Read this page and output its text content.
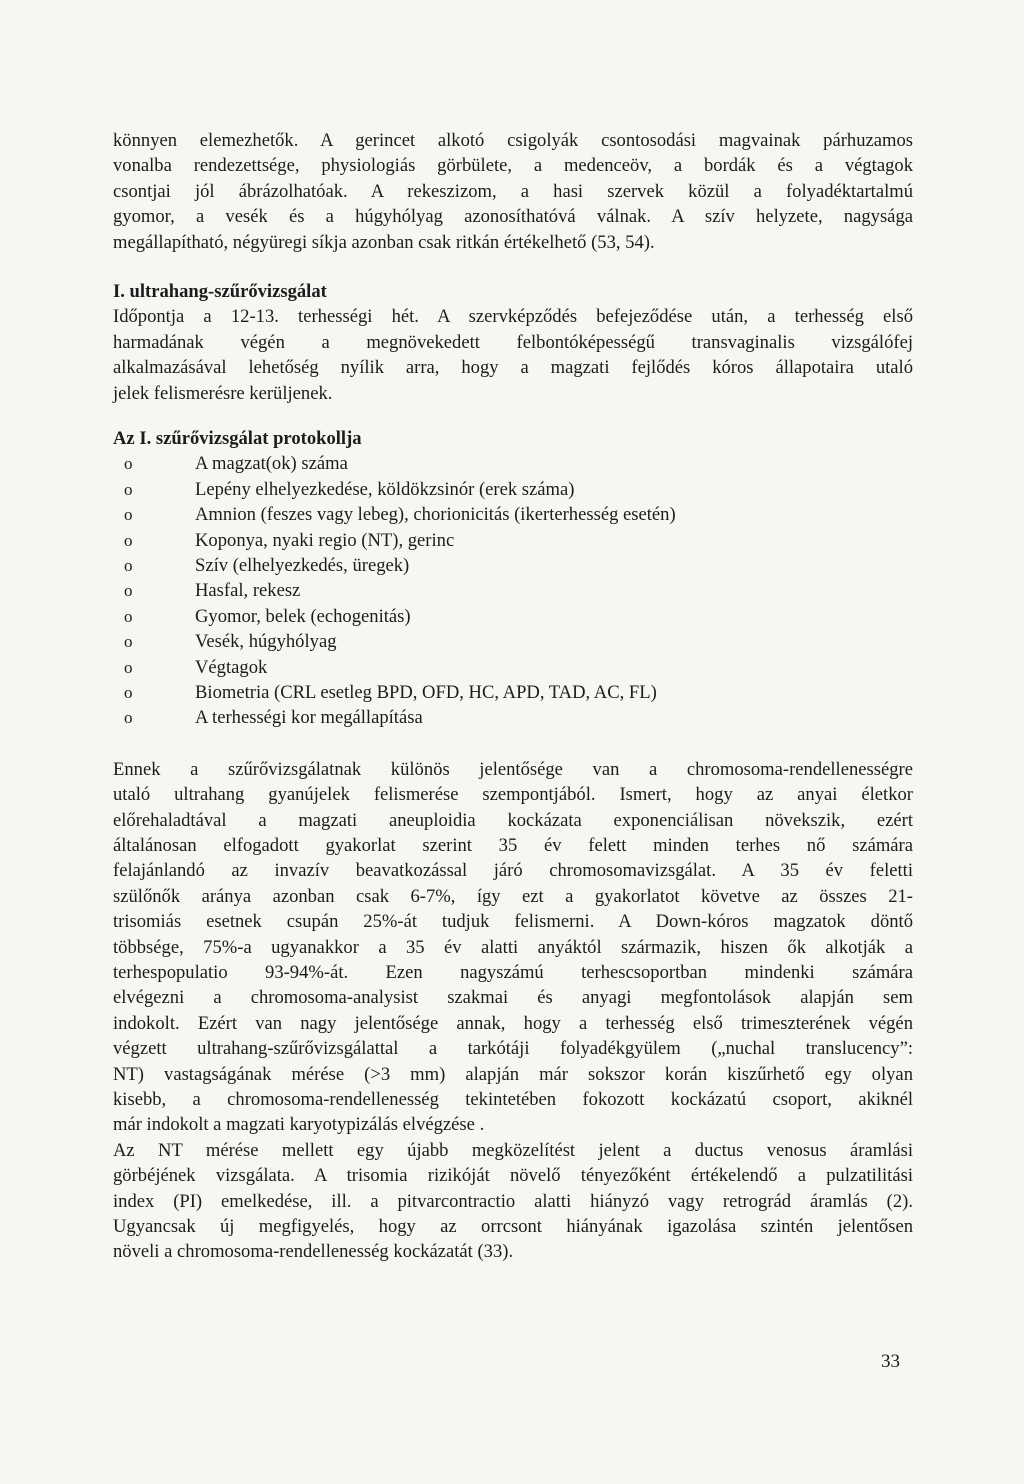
könnyen elemezhetők. A gerincet alkotó csigolyák csontosodási magvainak párhuzamos
vonalba rendezettsége, physiologiás görbülete, a medenceöv, a bordák és a végtagok
csontjai jól ábrázolhatóak. A rekeszizom, a hasi szervek közül a folyadéktartalmú
gyomor, a vesék és a húgyhólyag azonosíthatóvá válnak. A szív helyzete, nagysága
megállapítható, négyüregi síkja azonban csak ritkán értékelhető (53, 54).

I. ultrahang-szűrővizsgálat

Időpontja a 12-13. terhességi hét. A szervképződés befejeződése után, a terhesség első
harmadának végén a megnövekedett felbontóképességű transvaginalis vizsgálófej
alkalmazásával lehetőség nyílik arra, hogy a magzati fejlődés kóros állapotaira utaló
jelek felismerésre kerüljenek.

Az I. szűrővizsgálat protokollja

o	A magzat(ok) száma
o	Lepény elhelyezkedése, köldökzsinór (erek száma)
o	Amnion (feszes vagy lebeg), chorionicitás (ikerterhesség esetén)
o	Koponya, nyaki regio (NT), gerinc
o	Szív (elhelyezkedés, üregek)
o	Hasfal, rekesz
o	Gyomor, belek (echogenitás)
o	Vesék, húgyhólyag
o	Végtagok
o	Biometria (CRL esetleg BPD, OFD, HC, APD, TAD, AC, FL)
o	A terhességi kor megállapítása
Ennek a szűrővizsgálatnak különös jelentősége van a chromosoma-rendellenességre
utaló ultrahang gyanújelek felismerése szempontjából. Ismert, hogy az anyai életkor
előrehaladtával a magzati aneuploidia kockázata exponenciálisan növekszik, ezért
általánosan elfogadott gyakorlat szerint 35 év felett minden terhes nő számára
felajánlandó az invazív beavatkozással járó chromosomavizsgálat. A 35 év feletti
szülőnők aránya azonban csak 6-7%, így ezt a gyakorlatot követve az összes 21-
trisomiás esetnek csupán 25%-át tudjuk felismerni. A Down-kóros magzatok döntő
többsége, 75%-a ugyanakkor a 35 év alatti anyáktól származik, hiszen ők alkotják a
terhespopulatio 93-94%-át. Ezen nagyszámú terhescsoportban mindenki számára
elvégezni a chromosoma-analysist szakmai és anyagi megfontolások alapján sem
indokolt. Ezért van nagy jelentősége annak, hogy a terhesség első trimeszterének végén
végzett ultrahang-szűrővizsgálattal a tarkótáji folyadékgyülem („nuchal translucency”:
NT) vastagságának mérése (>3 mm) alapján már sokszor korán kiszűrhető egy olyan
kisebb, a chromosoma-rendellenesség tekintetében fokozott kockázatú csoport, akiknél
már indokolt a magzati karyotypizálás elvégzése .
Az NT mérése mellett egy újabb megközelítést jelent a ductus venosus áramlási
görbéjének vizsgálata. A trisomia rizikóját növelő tényezőként értékelendő a pulzatilitási
index (PI) emelkedése, ill. a pitvarcontractio alatti hiányzó vagy retrográd áramlás (2).
Ugyancsak új megfigyelés, hogy az orrcsont hiányának igazolása szintén jelentősen
növeli a chromosoma-rendellenesség kockázatát (33).
33
